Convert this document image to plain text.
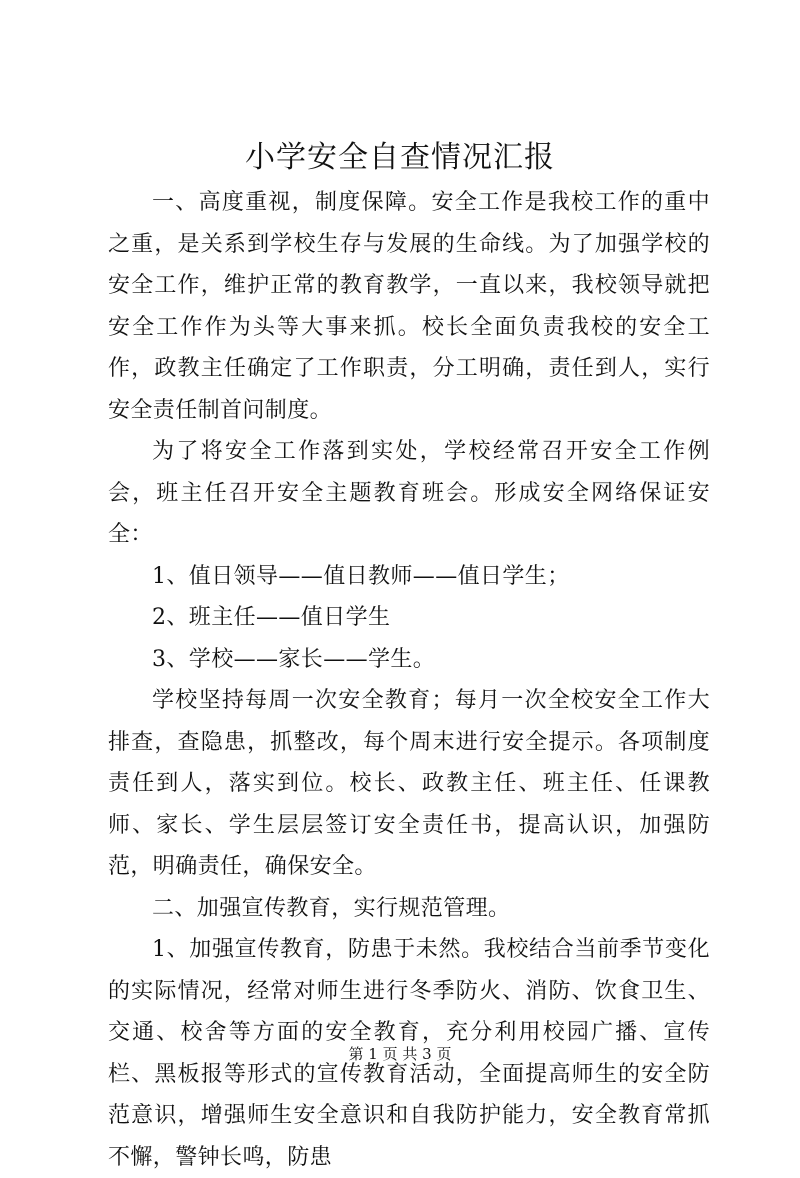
小学安全自查情况汇报

一、高度重视，制度保障。安全工作是我校工作的重中之重，是关系到学校生存与发展的生命线。为了加强学校的安全工作，维护正常的教育教学，一直以来，我校领导就把安全工作作为头等大事来抓。校长全面负责我校的安全工作，政教主任确定了工作职责，分工明确，责任到人，实行安全责任制首问制度。

为了将安全工作落到实处，学校经常召开安全工作例会，班主任召开安全主题教育班会。形成安全网络保证安全：

1、值日领导——值日教师——值日学生；

2、班主任——值日学生

3、学校——家长——学生。

学校坚持每周一次安全教育；每月一次全校安全工作大排查，查隐患，抓整改，每个周末进行安全提示。各项制度责任到人，落实到位。校长、政教主任、班主任、任课教师、家长、学生层层签订安全责任书，提高认识，加强防范，明确责任，确保安全。

二、加强宣传教育，实行规范管理。

1、加强宣传教育，防患于未然。我校结合当前季节变化的实际情况，经常对师生进行冬季防火、消防、饮食卫生、交通、校舍等方面的安全教育，充分利用校园广播、宣传栏、黑板报等形式的宣传教育活动，全面提高师生的安全防范意识，增强师生安全意识和自我防护能力，安全教育常抓不懈，警钟长鸣，防患

第 1 页 共 3 页
